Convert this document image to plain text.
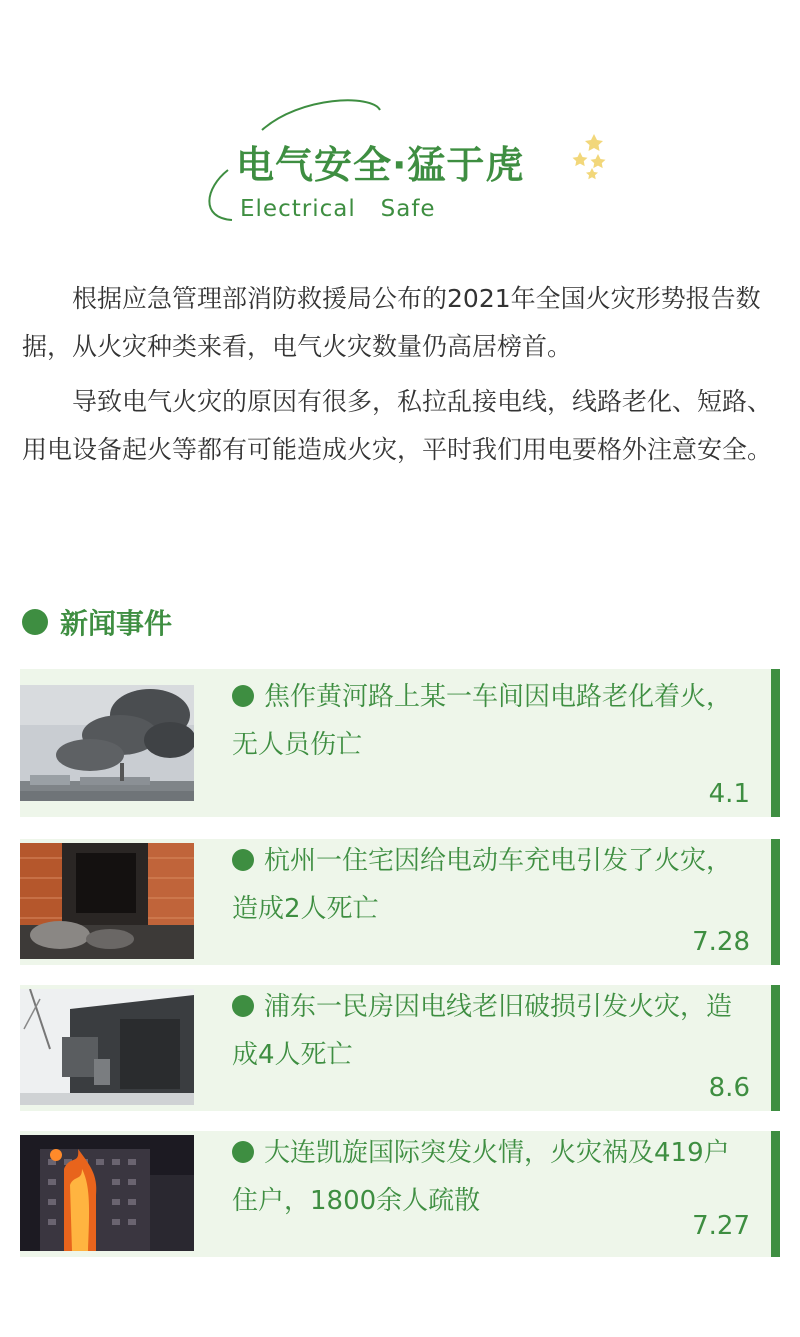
电气安全·猛于虎
Electrical   Safe

根据应急管理部消防救援局公布的2021年全国火灾形势报告数据，从火灾种类来看，电气火灾数量仍高居榜首。

导致电气火灾的原因有很多，私拉乱接电线，线路老化、短路、用电设备起火等都有可能造成火灾，平时我们用电要格外注意安全。

新闻事件
焦作黄河路上某一车间因电路老化着火，无人员伤亡
4.1
杭州一住宅因给电动车充电引发了火灾，造成2人死亡
7.28
浦东一民房因电线老旧破损引发火灾，造成4人死亡
8.6
大连凯旋国际突发火情，火灾祸及419户住户，1800余人疏散
7.27
